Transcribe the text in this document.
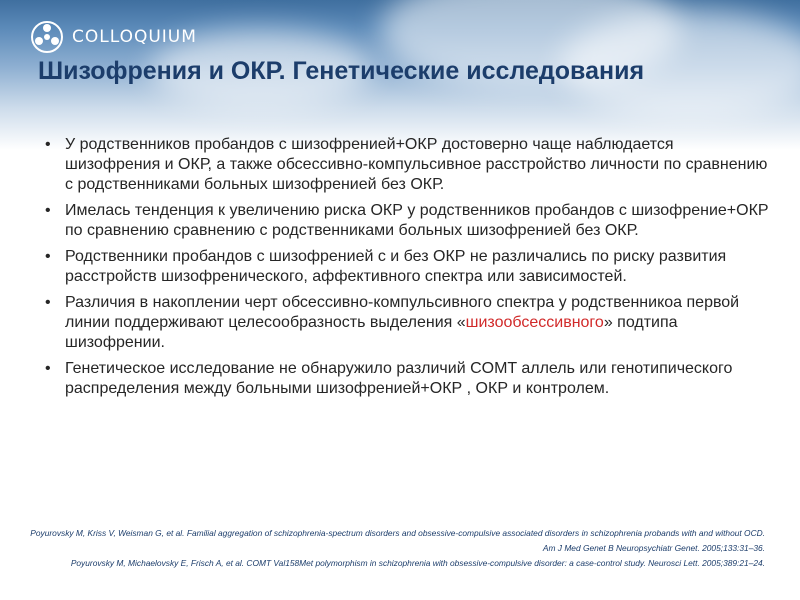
COLLOQUIUM
Шизофрения и ОКР. Генетические исследования
• У родственников пробандов с шизофренией+ОКР достоверно чаще наблюдается шизофрения и ОКР, а также обсессивно-компульсивное расстройство личности по сравнению с родственниками больных шизофренией без ОКР.
• Имелась тенденция к увеличению риска ОКР у родственников пробандов с шизофрение+ОКР по сравнению сравнению с родственниками больных шизофренией без ОКР.
• Родственники пробандов с шизофренией с и без ОКР не различались по риску развития расстройств шизофренического, аффективного спектра или зависимостей.
• Различия в накоплении черт обсессивно-компульсивного спектра у родственникоа первой линии поддерживают целесообразность выделения «шизообсессивного» подтипа шизофрении.
• Генетическое исследование не обнаружило различий COMT аллель или генотипического распределения между больными шизофренией+ОКР , ОКР и контролем.

Poyurovsky M, Kriss V, Weisman G, et al. Familial aggregation of schizophrenia-spectrum disorders and obsessive-compulsive associated disorders in schizophrenia probands with and without OCD. Am J Med Genet B Neuropsychiatr Genet. 2005;133:31–36.

Poyurovsky M, Michaelovsky E, Frisch A, et al. COMT Val158Met polymorphism in schizophrenia with obsessive-compulsive disorder: a case-control study. Neurosci Lett. 2005;389:21–24.
